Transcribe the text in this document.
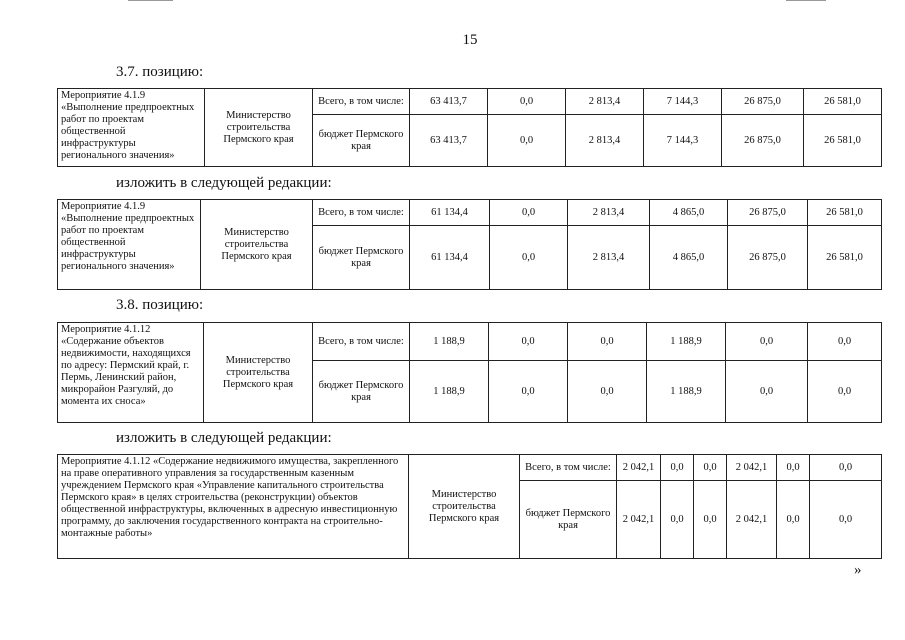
15
3.7. позицию:
Мероприятие 4.1.9 «Выполнение предпроектных работ по проектам общественной инфраструктуры регионального значения»	Министерство строительства Пермского края	Всего, в том числе:	63 413,7	0,0	2 813,4	7 144,3	26 875,0	26 581,0
		бюджет Пермского края	63 413,7	0,0	2 813,4	7 144,3	26 875,0	26 581,0
изложить в следующей редакции:
Мероприятие 4.1.9 «Выполнение предпроектных работ по проектам общественной инфраструктуры регионального значения»	Министерство строительства Пермского края	Всего, в том числе:	61 134,4	0,0	2 813,4	4 865,0	26 875,0	26 581,0
		бюджет Пермского края	61 134,4	0,0	2 813,4	4 865,0	26 875,0	26 581,0
3.8. позицию:
Мероприятие 4.1.12 «Содержание объектов недвижимости, находящихся по адресу: Пермский край, г. Пермь, Ленинский район, микрорайон Разгуляй, до момента их сноса»	Министерство строительства Пермского края	Всего, в том числе:	1 188,9	0,0	0,0	1 188,9	0,0	0,0
		бюджет Пермского края	1 188,9	0,0	0,0	1 188,9	0,0	0,0
изложить в следующей редакции:
Мероприятие 4.1.12 «Содержание недвижимого имущества, закрепленного на праве оперативного управления за государственным казенным учреждением Пермского края «Управление капитального строительства Пермского края» в целях строительства (реконструкции) объектов общественной инфраструктуры, включенных в адресную инвестиционную программу, до заключения государственного контракта на строительно-монтажные работы»	Министерство строительства Пермского края	Всего, в том числе:	2 042,1	0,0	0,0	2 042,1	0,0	0,0
		бюджет Пермского края	2 042,1	0,0	0,0	2 042,1	0,0	0,0
»
